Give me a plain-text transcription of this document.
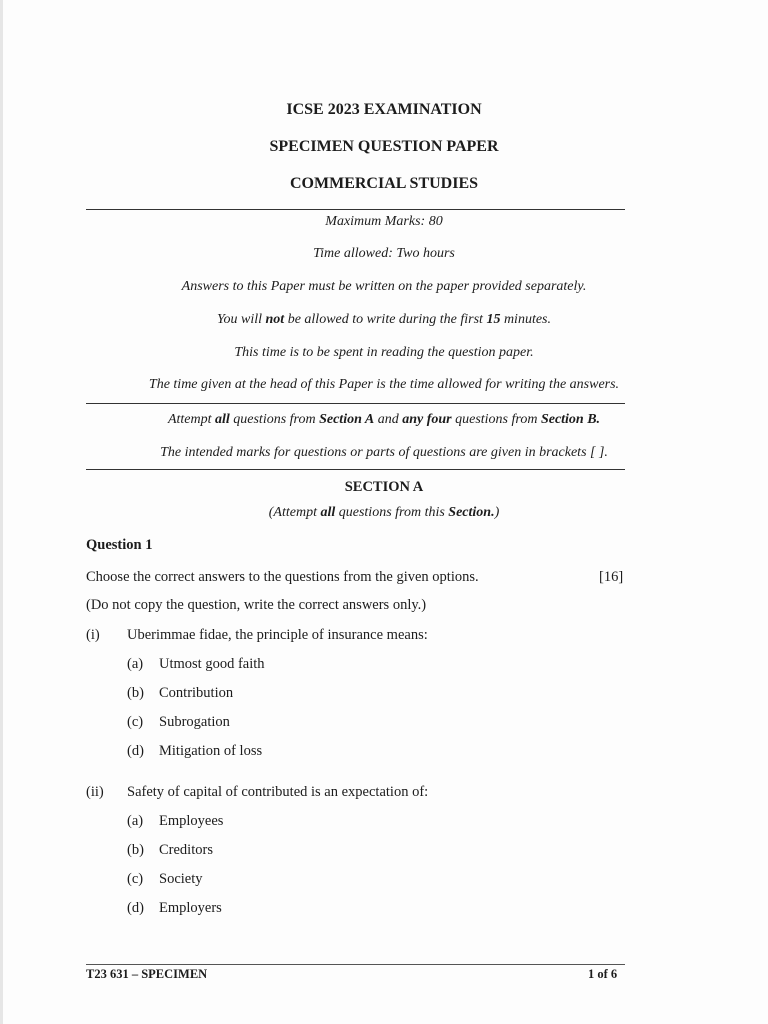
ICSE 2023 EXAMINATION
SPECIMEN QUESTION PAPER
COMMERCIAL STUDIES
Maximum Marks: 80
Time allowed: Two hours
Answers to this Paper must be written on the paper provided separately.
You will not be allowed to write during the first 15 minutes.
This time is to be spent in reading the question paper.
The time given at the head of this Paper is the time allowed for writing the answers.
Attempt all questions from Section A and any four questions from Section B.
The intended marks for questions or parts of questions are given in brackets [ ].
SECTION A
(Attempt all questions from this Section.)
Question 1
Choose the correct answers to the questions from the given options.	[16]
(Do not copy the question, write the correct answers only.)
(i) Uberimmae fidae, the principle of insurance means:
(a) Utmost good faith
(b) Contribution
(c) Subrogation
(d) Mitigation of loss
(ii) Safety of capital of contributed is an expectation of:
(a) Employees
(b) Creditors
(c) Society
(d) Employers
T23 631 – SPECIMEN	1 of 6
